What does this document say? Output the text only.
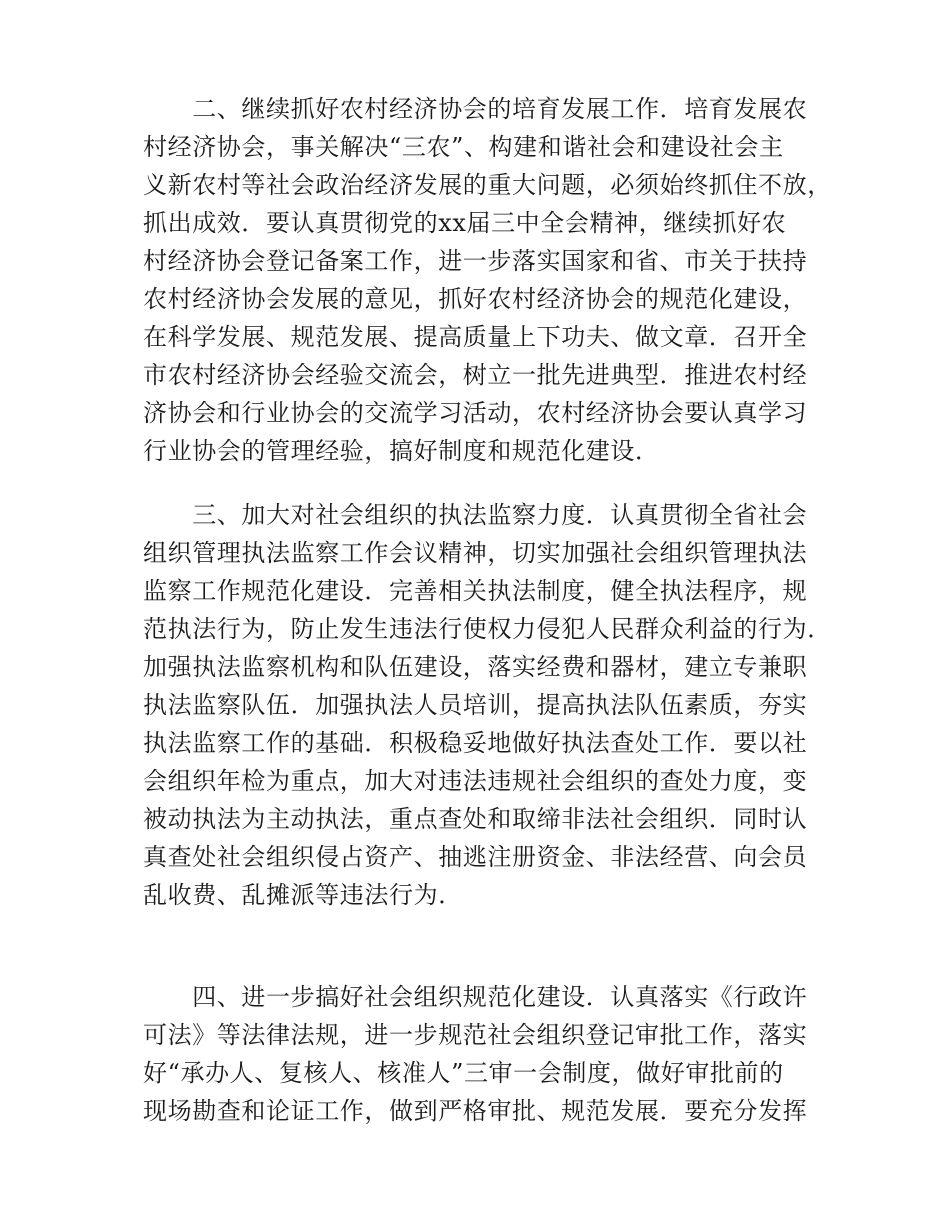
　　二、继续抓好农村经济协会的培育发展工作．培育发展农
村经济协会，事关解决“三农”、构建和谐社会和建设社会主
义新农村等社会政治经济发展的重大问题，必须始终抓住不放，
抓出成效．要认真贯彻党的xx届三中全会精神，继续抓好农
村经济协会登记备案工作，进一步落实国家和省、市关于扶持
农村经济协会发展的意见，抓好农村经济协会的规范化建设，
在科学发展、规范发展、提高质量上下功夫、做文章．召开全
市农村经济协会经验交流会，树立一批先进典型．推进农村经
济协会和行业协会的交流学习活动，农村经济协会要认真学习
行业协会的管理经验，搞好制度和规范化建设．
　　三、加大对社会组织的执法监察力度．认真贯彻全省社会
组织管理执法监察工作会议精神，切实加强社会组织管理执法
监察工作规范化建设．完善相关执法制度，健全执法程序，规
范执法行为，防止发生违法行使权力侵犯人民群众利益的行为．
加强执法监察机构和队伍建设，落实经费和器材，建立专兼职
执法监察队伍．加强执法人员培训，提高执法队伍素质，夯实
执法监察工作的基础．积极稳妥地做好执法查处工作．要以社
会组织年检为重点，加大对违法违规社会组织的查处力度，变
被动执法为主动执法，重点查处和取缔非法社会组织．同时认
真查处社会组织侵占资产、抽逃注册资金、非法经营、向会员
乱收费、乱摊派等违法行为．
　　四、进一步搞好社会组织规范化建设．认真落实《行政许
可法》等法律法规，进一步规范社会组织登记审批工作，落实
好“承办人、复核人、核准人”三审一会制度，做好审批前的
现场勘查和论证工作，做到严格审批、规范发展．要充分发挥
